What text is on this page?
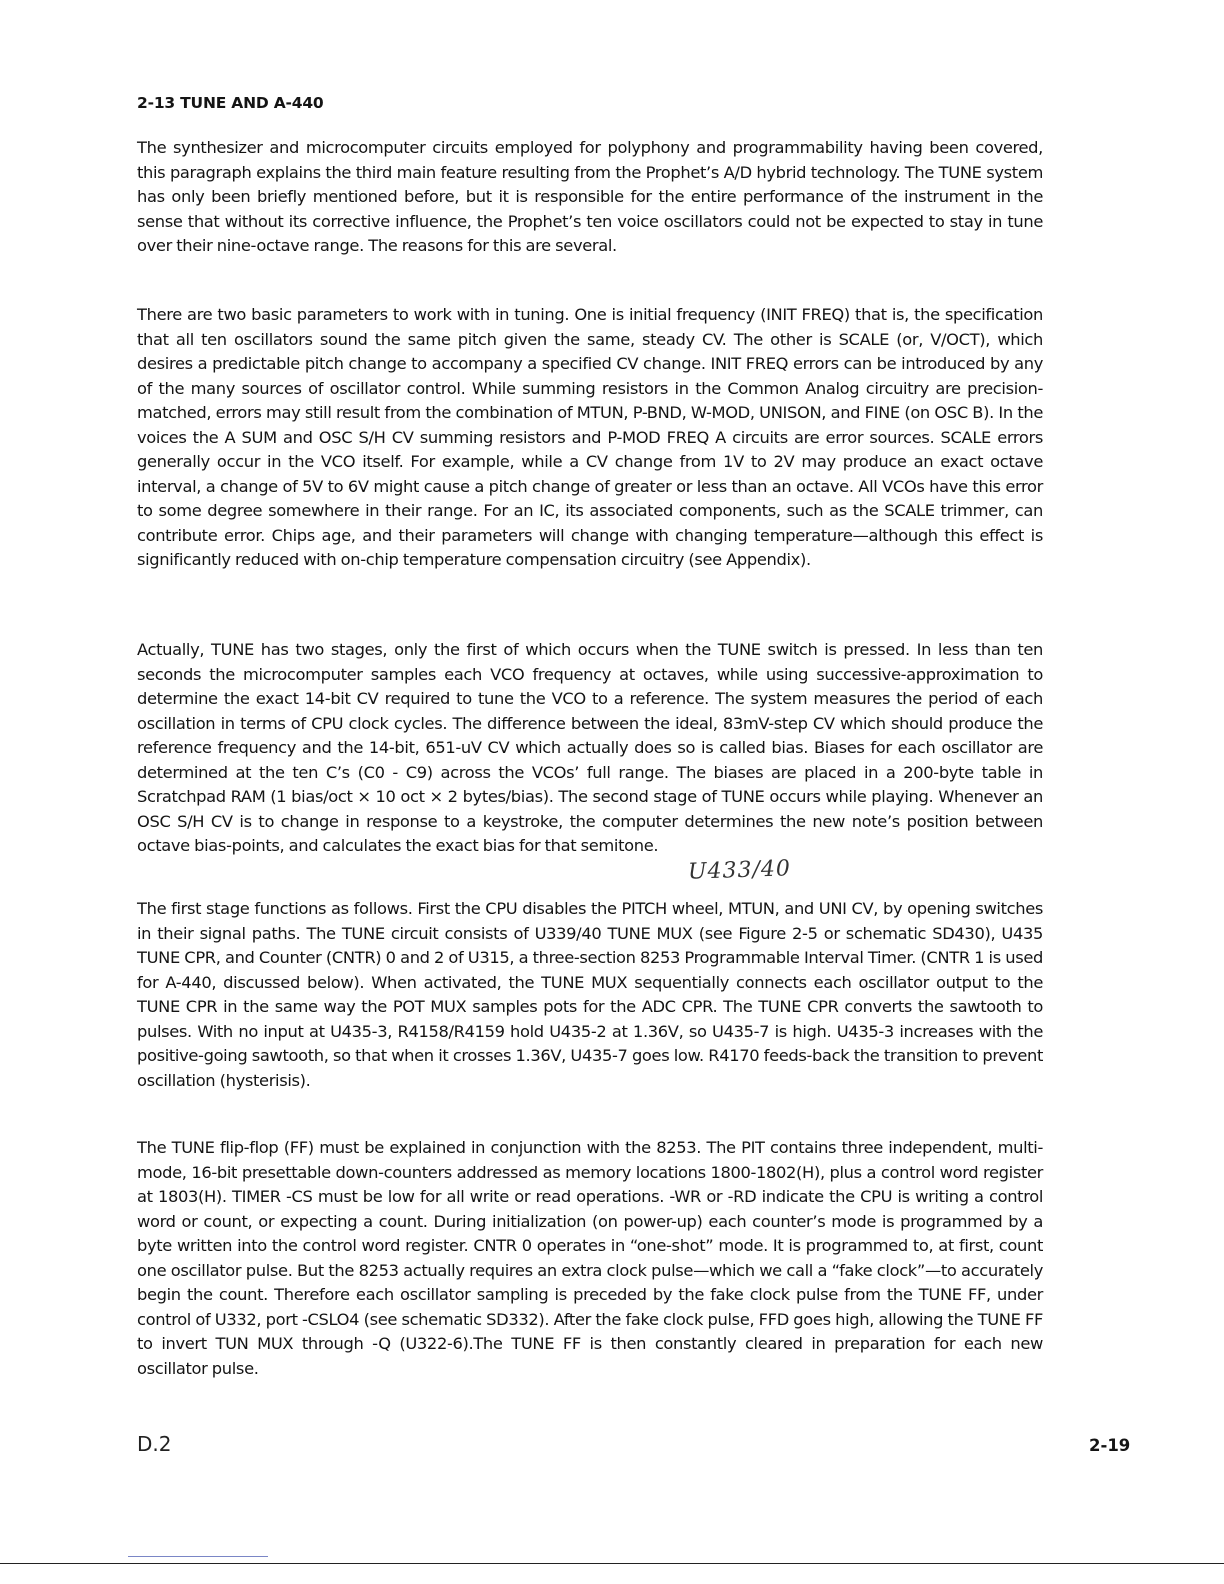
2-13 TUNE AND A-440

The synthesizer and microcomputer circuits employed for polyphony and programmability having been covered, this paragraph explains the third main feature resulting from the Prophet’s A/D hybrid technology. The TUNE system has only been briefly mentioned before, but it is responsible for the entire performance of the instrument in the sense that without its corrective influence, the Prophet’s ten voice oscillators could not be expected to stay in tune over their nine-octave range. The reasons for this are several.

There are two basic parameters to work with in tuning. One is initial frequency (INIT FREQ) that is, the specification that all ten oscillators sound the same pitch given the same, steady CV. The other is SCALE (or, V/OCT), which desires a predictable pitch change to accompany a specified CV change. INIT FREQ errors can be introduced by any of the many sources of oscillator control. While summing resistors in the Common Analog circuitry are precision-matched, errors may still result from the combination of MTUN, P-BND, W-MOD, UNISON, and FINE (on OSC B). In the voices the A SUM and OSC S/H CV summing resistors and P-MOD FREQ A circuits are error sources. SCALE errors generally occur in the VCO itself. For example, while a CV change from 1V to 2V may produce an exact octave interval, a change of 5V to 6V might cause a pitch change of greater or less than an octave. All VCOs have this error to some degree somewhere in their range. For an IC, its associated components, such as the SCALE trimmer, can contribute error. Chips age, and their parameters will change with changing temperature—although this effect is significantly reduced with on-chip temperature compensation circuitry (see Appendix).

Actually, TUNE has two stages, only the first of which occurs when the TUNE switch is pressed. In less than ten seconds the microcomputer samples each VCO frequency at octaves, while using successive-approximation to determine the exact 14-bit CV required to tune the VCO to a reference. The system measures the period of each oscillation in terms of CPU clock cycles. The difference between the ideal, 83mV-step CV which should produce the reference frequency and the 14-bit, 651-uV CV which actually does so is called bias. Biases for each oscillator are determined at the ten C’s (C0 - C9) across the VCOs’ full range. The biases are placed in a 200-byte table in Scratchpad RAM (1 bias/oct × 10 oct × 2 bytes/bias). The second stage of TUNE occurs while playing. Whenever an OSC S/H CV is to change in response to a keystroke, the computer determines the new note’s position between octave bias-points, and calculates the exact bias for that semitone.

The first stage functions as follows. First the CPU disables the PITCH wheel, MTUN, and UNI CV, by opening switches in their signal paths. The TUNE circuit consists of U339/40 TUNE MUX (see Figure 2-5 or schematic SD430), U435 TUNE CPR, and Counter (CNTR) 0 and 2 of U315, a three-section 8253 Programmable Interval Timer. (CNTR 1 is used for A-440, discussed below). When activated, the TUNE MUX sequentially connects each oscillator output to the TUNE CPR in the same way the POT MUX samples pots for the ADC CPR. The TUNE CPR converts the sawtooth to pulses. With no input at U435-3, R4158/R4159 hold U435-2 at 1.36V, so U435-7 is high. U435-3 increases with the positive-going sawtooth, so that when it crosses 1.36V, U435-7 goes low. R4170 feeds-back the transition to prevent oscillation (hysterisis).

The TUNE flip-flop (FF) must be explained in conjunction with the 8253. The PIT contains three independent, multi-mode, 16-bit presettable down-counters addressed as memory locations 1800-1802(H), plus a control word register at 1803(H). TIMER -CS must be low for all write or read operations. -WR or -RD indicate the CPU is writing a control word or count, or expecting a count. During initialization (on power-up) each counter’s mode is programmed by a byte written into the control word register. CNTR 0 operates in “one-shot” mode. It is programmed to, at first, count one oscillator pulse. But the 8253 actually requires an extra clock pulse—which we call a “fake clock”—to accurately begin the count. Therefore each oscillator sampling is preceded by the fake clock pulse from the TUNE FF, under control of U332, port -CSLO4 (see schematic SD332). After the fake clock pulse, FFD goes high, allowing the TUNE FF to invert TUN MUX through -Q (U322-6).The TUNE FF is then constantly cleared in preparation for each new oscillator pulse.

U433/40
D.2	2-19
